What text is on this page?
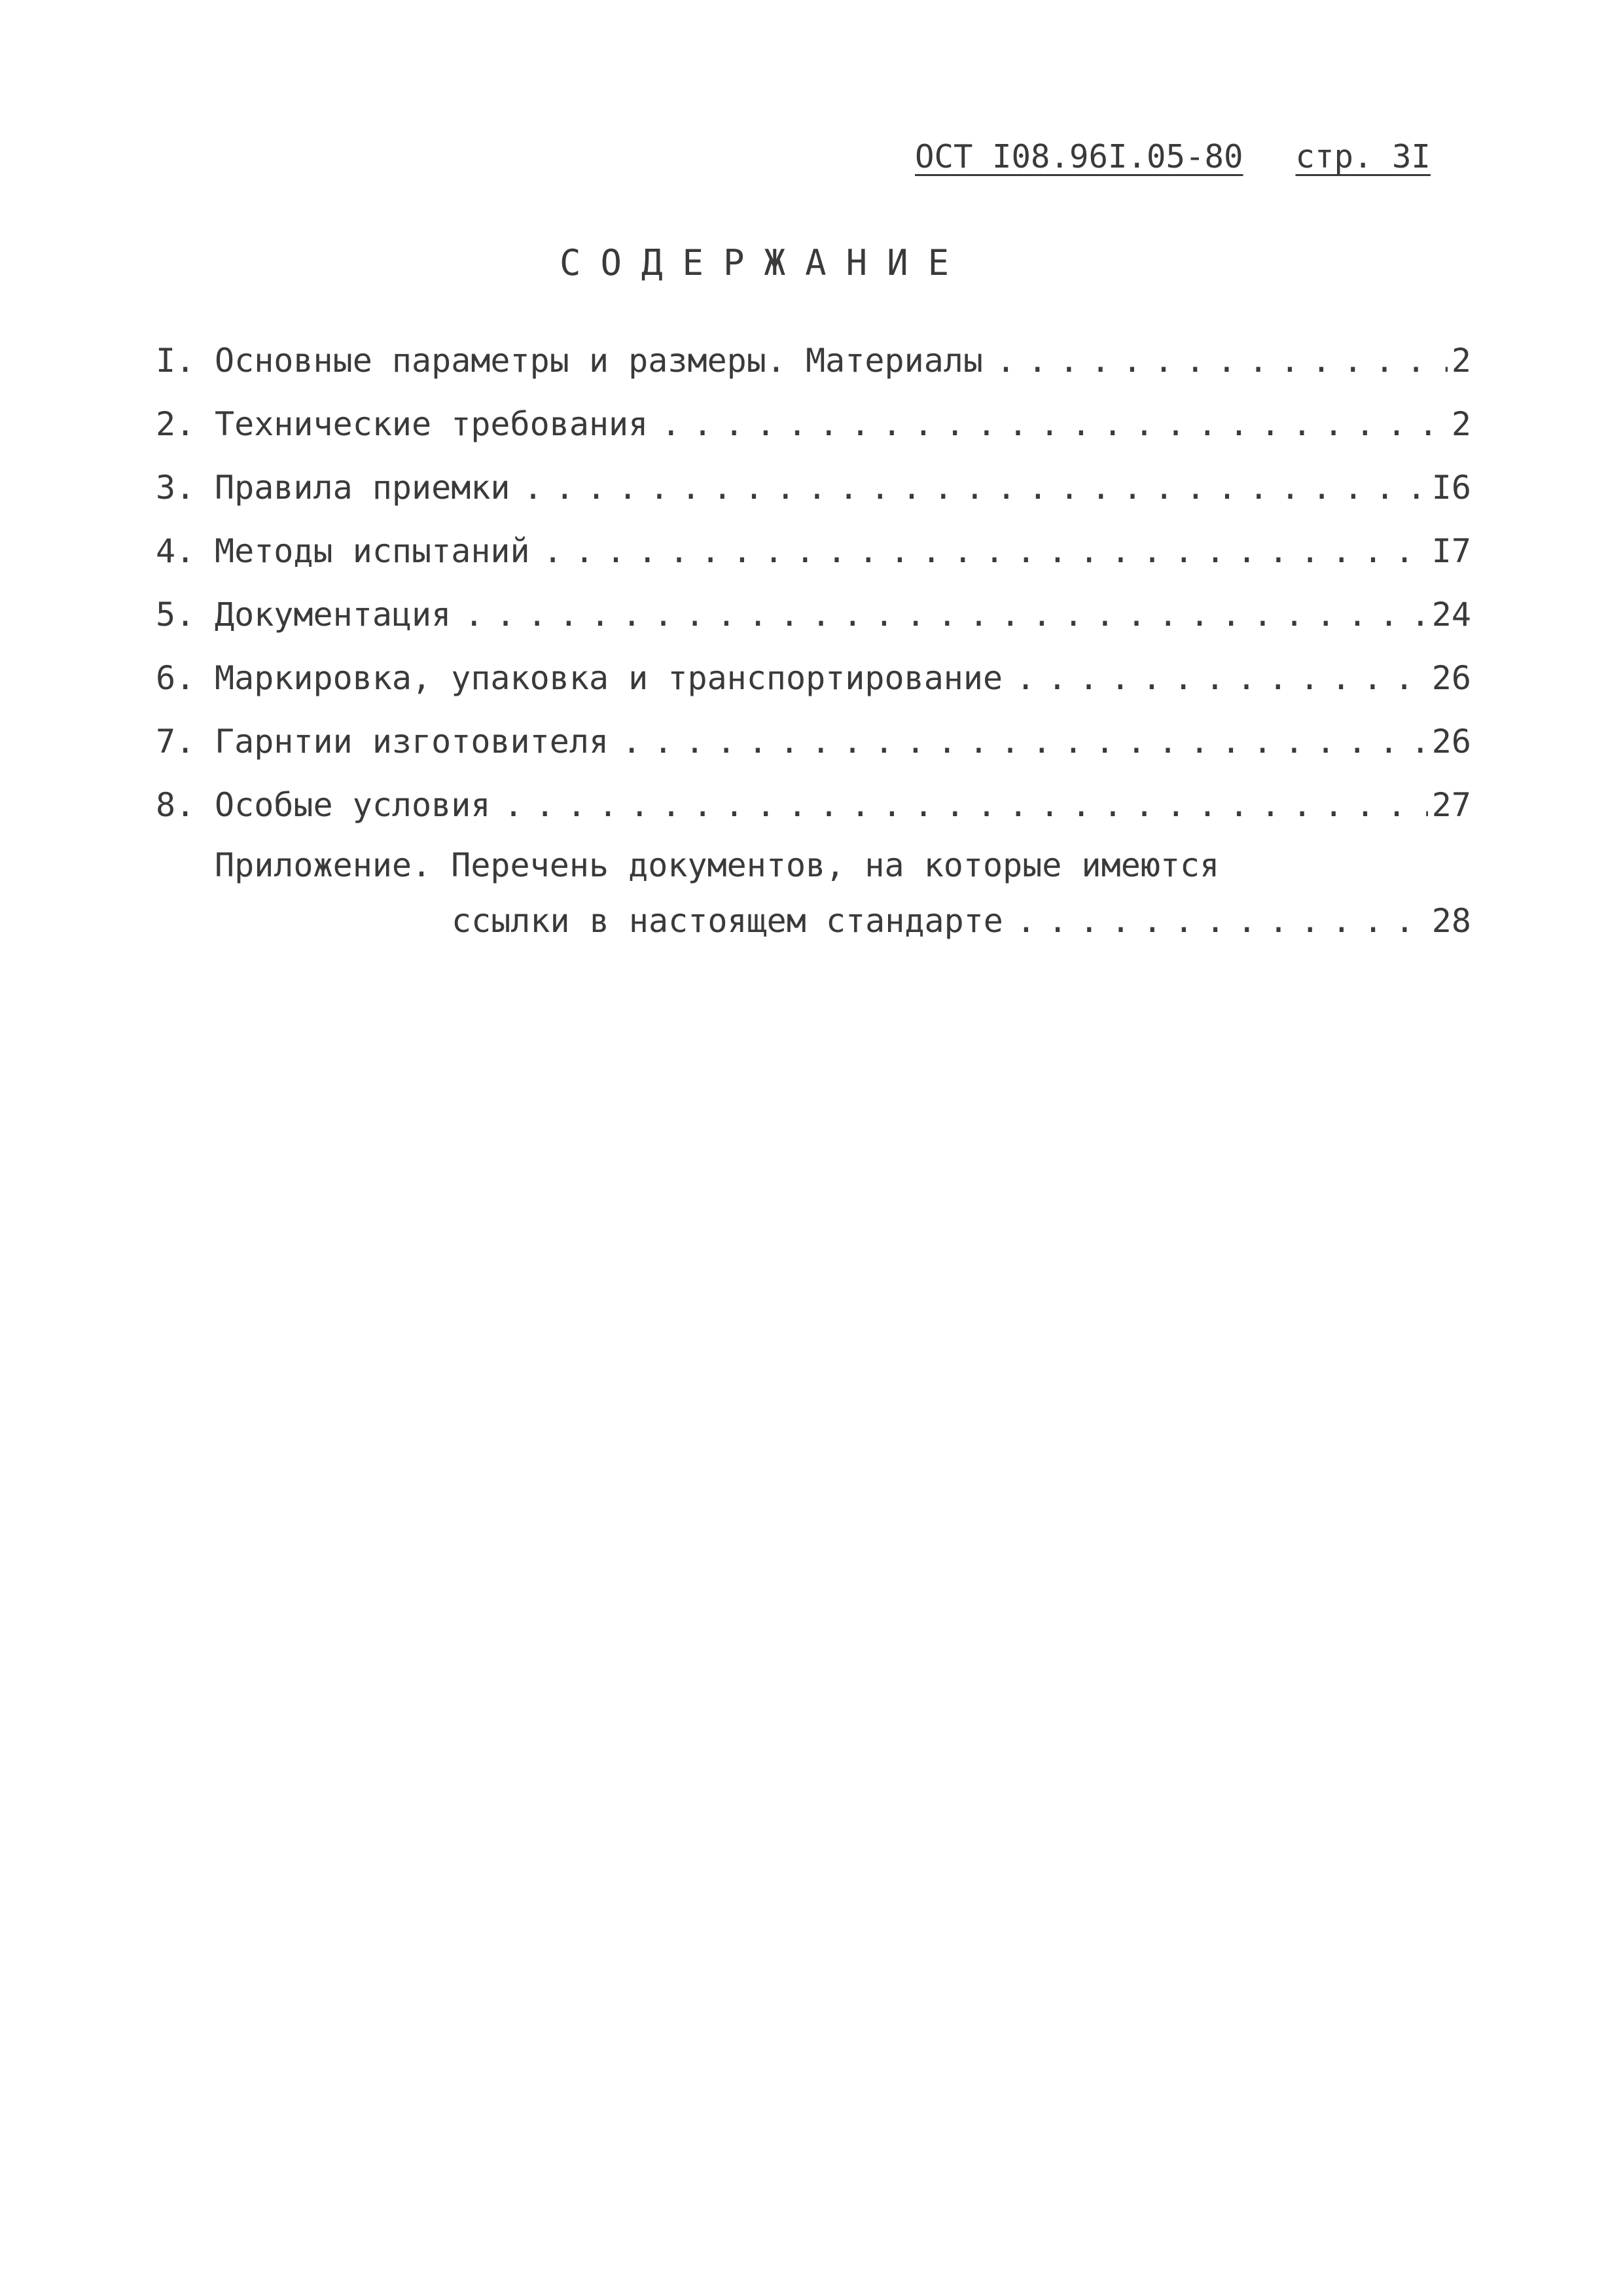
ОСТ I08.96I.05-80 стр. 3I
СОДЕРЖАНИЕ
I. Основные параметры и размеры. Материалы . . .	2
2. Технические требования . . .	2
3. Правила приемки . . .	I6
4. Методы испытаний . . .	I7
5. Документация . . .	24
6. Маркировка, упаковка и транспортирование . . .	26
7. Гарнтии изготовителя . . .	26
8. Особые условия . . .	27
Приложение. Перечень документов, на которые имеются
ссылки в настоящем стандарте . . .	28
